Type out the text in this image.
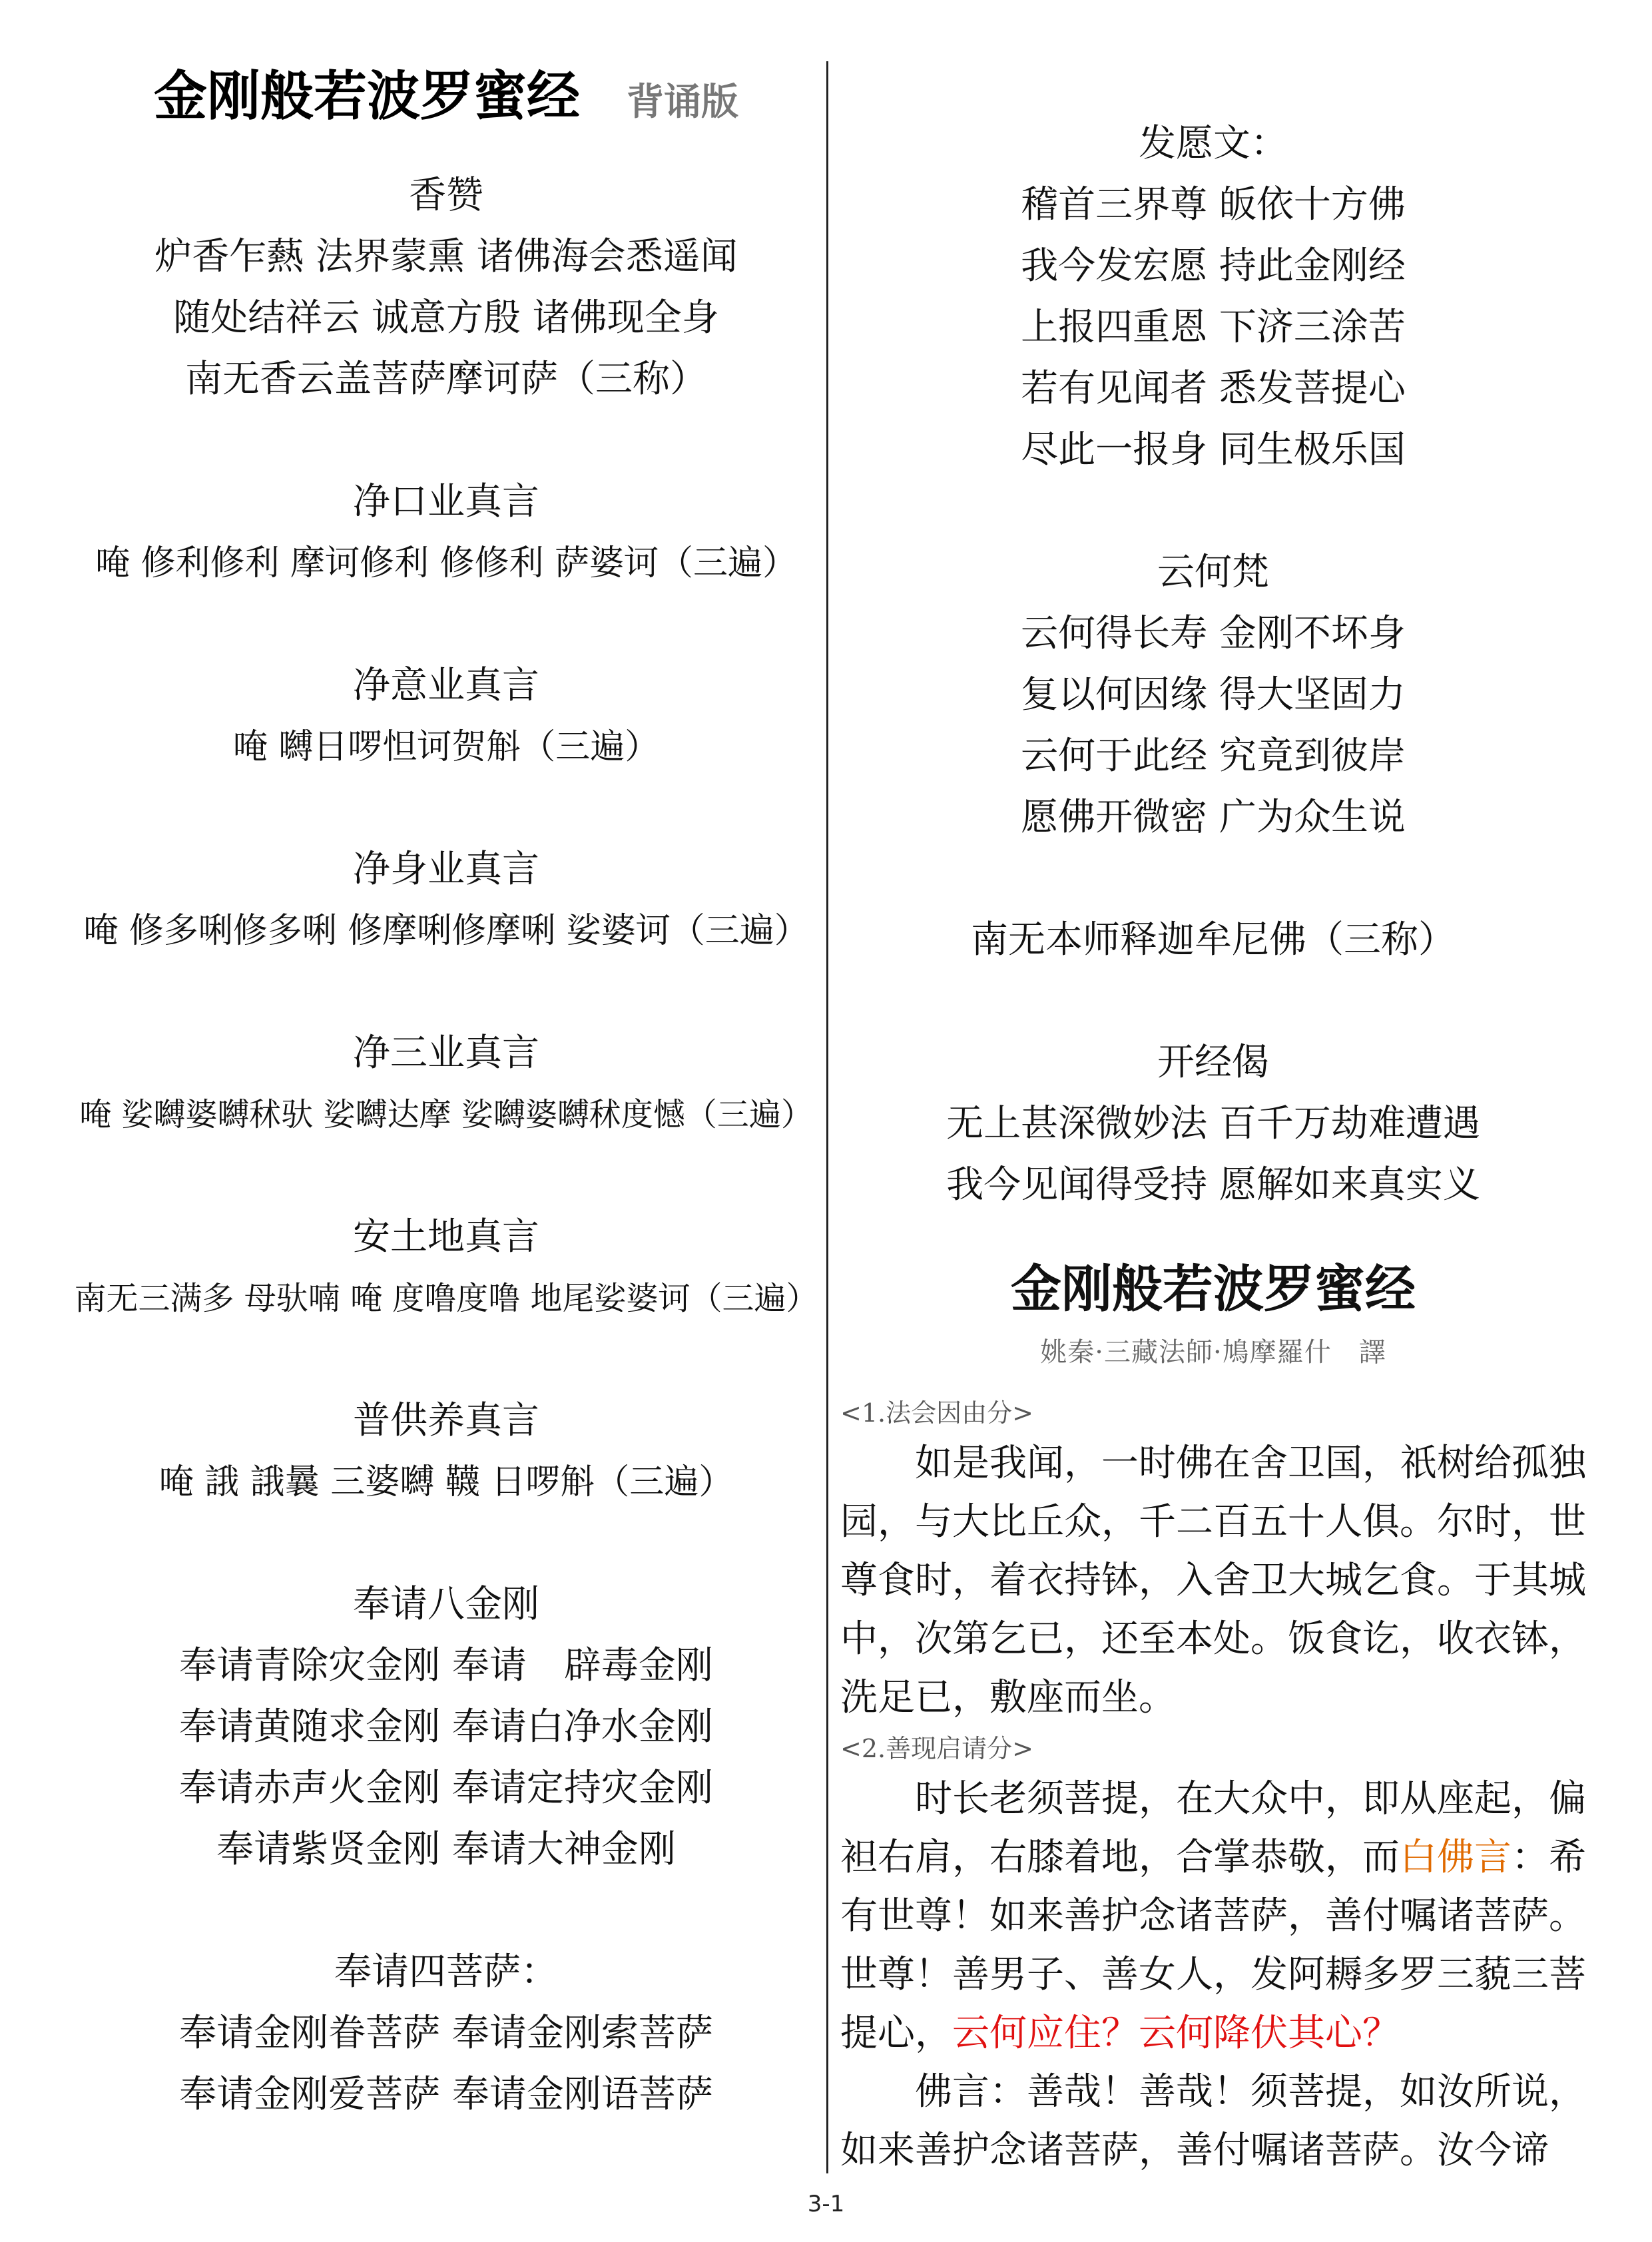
金刚般若波罗蜜经 背诵版
香赞
炉香乍爇 法界蒙熏 诸佛海会悉遥闻
随处结祥云 诚意方殷 诸佛现全身
南无香云盖菩萨摩诃萨（三称）
净口业真言
唵 修利修利 摩诃修利 修修利 萨婆诃（三遍）
净意业真言
唵 嚩日啰怛诃贺斛（三遍）
净身业真言
唵 修多唎修多唎 修摩唎修摩唎 娑婆诃（三遍）
净三业真言
唵 娑嚩婆嚩秫驮 娑嚩达摩 娑嚩婆嚩秫度憾（三遍）
安土地真言
南无三满多 母驮喃 唵 度噜度噜 地尾娑婆诃（三遍）
普供养真言
唵 誐 誐曩 三婆嚩 韈 日啰斛（三遍）
奉请八金刚
奉请青除灾金刚 奉请　辟毒金刚
奉请黄随求金刚 奉请白净水金刚
奉请赤声火金刚 奉请定持灾金刚
奉请紫贤金刚 奉请大神金刚
奉请四菩萨：
奉请金刚眷菩萨 奉请金刚索菩萨
奉请金刚爱菩萨 奉请金刚语菩萨
发愿文：
稽首三界尊 皈依十方佛
我今发宏愿 持此金刚经
上报四重恩 下济三涂苦
若有见闻者 悉发菩提心
尽此一报身 同生极乐国
云何梵
云何得长寿 金刚不坏身
复以何因缘 得大坚固力
云何于此经 究竟到彼岸
愿佛开微密 广为众生说
南无本师释迦牟尼佛（三称）
开经偈
无上甚深微妙法 百千万劫难遭遇
我今见闻得受持 愿解如来真实义
金刚般若波罗蜜经
姚秦·三藏法師·鳩摩羅什　譯
<1.法会因由分>
如是我闻，一时佛在舍卫国，祇树给孤独园，与大比丘众，千二百五十人俱。尔时，世尊食时，着衣持钵，入舍卫大城乞食。于其城中，次第乞已，还至本处。饭食讫，收衣钵，洗足已，敷座而坐。
<2.善现启请分>
时长老须菩提，在大众中，即从座起，偏袒右肩，右膝着地，合掌恭敬，而白佛言：希有世尊！如来善护念诸菩萨，善付嘱诸菩萨。世尊！善男子、善女人，发阿耨多罗三藐三菩提心，云何应住？云何降伏其心？
佛言：善哉！善哉！须菩提，如汝所说，如来善护念诸菩萨，善付嘱诸菩萨。汝今谛
3-1
